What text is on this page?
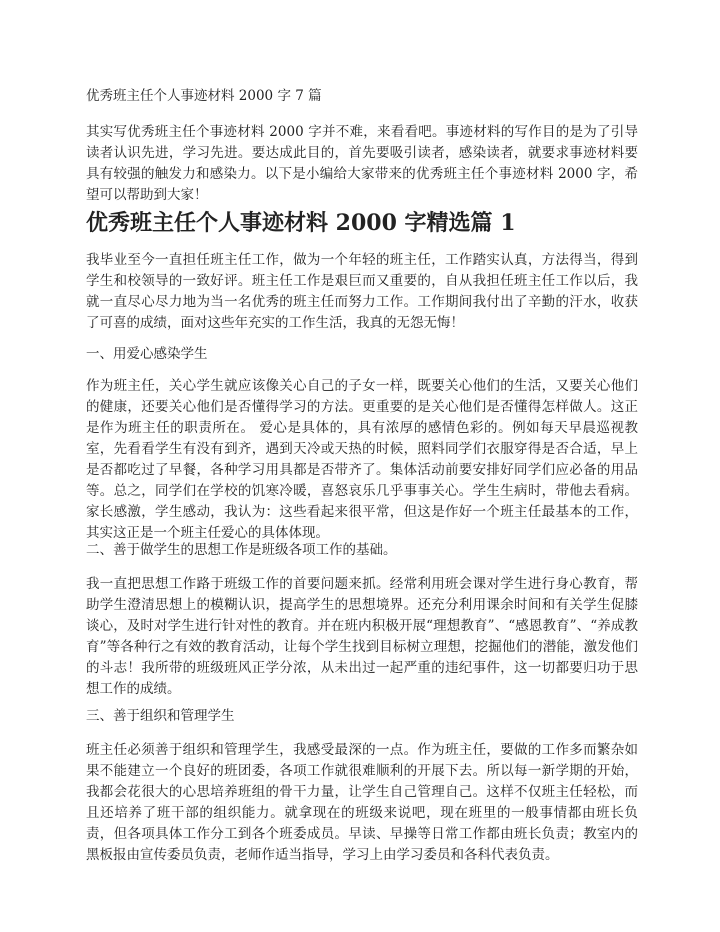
优秀班主任个人事迹材料 2000 字 7 篇

其实写优秀班主任个事迹材料 2000 字并不难，来看看吧。事迹材料的写作目的是为了引导读者认识先进，学习先进。要达成此目的，首先要吸引读者，感染读者，就要求事迹材料要具有较强的触发力和感染力。以下是小编给大家带来的优秀班主任个事迹材料 2000 字，希望可以帮助到大家！

优秀班主任个人事迹材料 2000 字精选篇 1

我毕业至今一直担任班主任工作，做为一个年轻的班主任，工作踏实认真，方法得当，得到学生和校领导的一致好评。班主任工作是艰巨而又重要的，自从我担任班主任工作以后，我就一直尽心尽力地为当一名优秀的班主任而努力工作。工作期间我付出了辛勤的汗水，收获了可喜的成绩，面对这些年充实的工作生活，我真的无怨无悔！

一、用爱心感染学生

作为班主任，关心学生就应该像关心自己的子女一样，既要关心他们的生活，又要关心他们的健康，还要关心他们是否懂得学习的方法。更重要的是关心他们是否懂得怎样做人。这正是作为班主任的职责所在。 爱心是具体的，具有浓厚的感情色彩的。例如每天早晨巡视教室，先看看学生有没有到齐，遇到天冷或天热的时候，照料同学们衣服穿得是否合适，早上是否都吃过了早餐，各种学习用具都是否带齐了。集体活动前要安排好同学们应必备的用品等。总之，同学们在学校的饥寒冷暖，喜怒哀乐几乎事事关心。学生生病时，带他去看病。家长感激，学生感动，我认为：这些看起来很平常，但这是作好一个班主任最基本的工作，其实这正是一个班主任爱心的具体体现。

二、善于做学生的思想工作是班级各项工作的基础。

我一直把思想工作路于班级工作的首要问题来抓。经常利用班会课对学生进行身心教育，帮助学生澄清思想上的模糊认识，提高学生的思想境界。还充分利用课余时间和有关学生促膝谈心，及时对学生进行针对性的教育。并在班内积极开展“理想教育”、“感恩教育”、“养成教育”等各种行之有效的教育活动，让每个学生找到目标树立理想，挖掘他们的潜能，激发他们的斗志！我所带的班级班风正学分浓，从未出过一起严重的违纪事件，这一切都要归功于思想工作的成绩。

三、善于组织和管理学生

班主任必须善于组织和管理学生，我感受最深的一点。作为班主任，要做的工作多而繁杂如果不能建立一个良好的班团委，各项工作就很难顺利的开展下去。所以每一新学期的开始，我都会花很大的心思培养班组的骨干力量，让学生自己管理自己。这样不仅班主任轻松，而且还培养了班干部的组织能力。就拿现在的班级来说吧，现在班里的一般事情都由班长负责，但各项具体工作分工到各个班委成员。早读、早操等日常工作都由班长负责；教室内的黑板报由宣传委员负责，老师作适当指导，学习上由学习委员和各科代表负责。
